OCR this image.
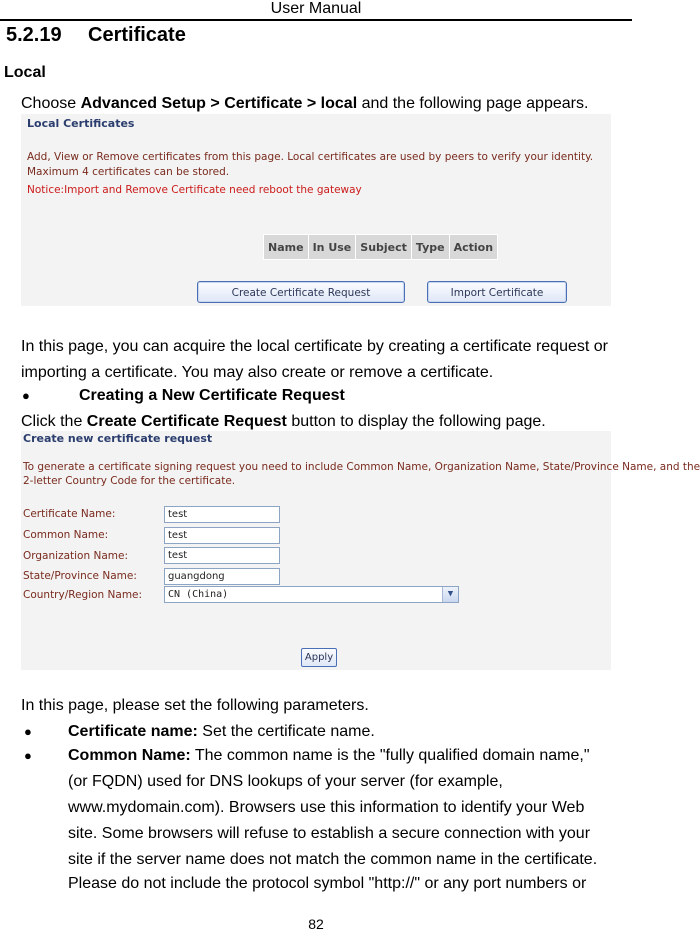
User Manual
5.2.19 Certificate
Local
Choose Advanced Setup > Certificate > local and the following page appears.
Local Certificates
Add, View or Remove certificates from this page. Local certificates are used by peers to verify your identity.
Maximum 4 certificates can be stored.
Notice:Import and Remove Certificate need reboot the gateway
Name	In Use	Subject	Type	Action
Create Certificate Request	Import Certificate
In this page, you can acquire the local certificate by creating a certificate request or
importing a certificate. You may also create or remove a certificate.
●	Creating a New Certificate Request
Click the Create Certificate Request button to display the following page.
Create new certificate request
To generate a certificate signing request you need to include Common Name, Organization Name, State/Province Name, and the
2-letter Country Code for the certificate.
Certificate Name:	test
Common Name:	test
Organization Name:	test
State/Province Name:	guangdong
Country/Region Name:	CN (China)	▼
Apply
In this page, please set the following parameters.
● Certificate name: Set the certificate name.
● Common Name: The common name is the "fully qualified domain name,"
(or FQDN) used for DNS lookups of your server (for example,
www.mydomain.com). Browsers use this information to identify your Web
site. Some browsers will refuse to establish a secure connection with your
site if the server name does not match the common name in the certificate.
Please do not include the protocol symbol "http://" or any port numbers or
82
